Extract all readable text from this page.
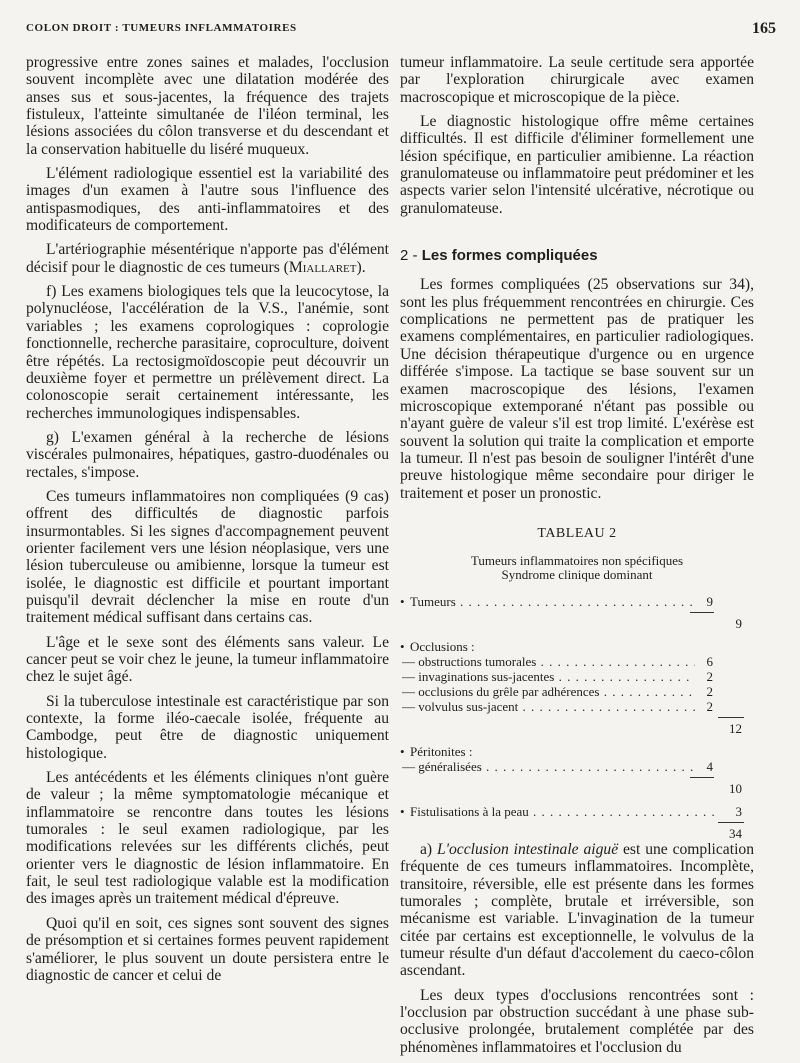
COLON DROIT : TUMEURS INFLAMMATOIRES	165

progressive entre zones saines et malades, l'occlusion souvent incomplète avec une dilatation modérée des anses sus et sous-jacentes, la fréquence des trajets fistuleux, l'atteinte simultanée de l'iléon terminal, les lésions associées du côlon transverse et du descendant et la conservation habituelle du liséré muqueux.

L'élément radiologique essentiel est la variabilité des images d'un examen à l'autre sous l'influence des antispasmodiques, des anti-inflammatoires et des modificateurs de comportement.

L'artériographie mésentérique n'apporte pas d'élément décisif pour le diagnostic de ces tumeurs (Miallaret).

f) Les examens biologiques tels que la leucocytose, la polynucléose, l'accélération de la V.S., l'anémie, sont variables ; les examens coprologiques : coprologie fonctionnelle, recherche parasitaire, coproculture, doivent être répétés. La rectosigmoïdoscopie peut découvrir un deuxième foyer et permettre un prélèvement direct. La colonoscopie serait certainement intéressante, les recherches immunologiques indispensables.

g) L'examen général à la recherche de lésions viscérales pulmonaires, hépatiques, gastro-duodénales ou rectales, s'impose.

Ces tumeurs inflammatoires non compliquées (9 cas) offrent des difficultés de diagnostic parfois insurmontables. Si les signes d'accompagnement peuvent orienter facilement vers une lésion néoplasique, vers une lésion tuberculeuse ou amibienne, lorsque la tumeur est isolée, le diagnostic est difficile et pourtant important puisqu'il devrait déclencher la mise en route d'un traitement médical suffisant dans certains cas.

L'âge et le sexe sont des éléments sans valeur. Le cancer peut se voir chez le jeune, la tumeur inflammatoire chez le sujet âgé.

Si la tuberculose intestinale est caractéristique par son contexte, la forme iléo-caecale isolée, fréquente au Cambodge, peut être de diagnostic uniquement histologique.

Les antécédents et les éléments cliniques n'ont guère de valeur ; la même symptomatologie mécanique et inflammatoire se rencontre dans toutes les lésions tumorales : le seul examen radiologique, par les modifications relevées sur les différents clichés, peut orienter vers le diagnostic de lésion inflammatoire. En fait, le seul test radiologique valable est la modification des images après un traitement médical d'épreuve.

Quoi qu'il en soit, ces signes sont souvent des signes de présomption et si certaines formes peuvent rapidement s'améliorer, le plus souvent un doute persistera entre le diagnostic de cancer et celui de

tumeur inflammatoire. La seule certitude sera apportée par l'exploration chirurgicale avec examen macroscopique et microscopique de la pièce.

Le diagnostic histologique offre même certaines difficultés. Il est difficile d'éliminer formellement une lésion spécifique, en particulier amibienne. La réaction granulomateuse ou inflammatoire peut prédominer et les aspects varier selon l'intensité ulcérative, nécrotique ou granulomateuse.

2 - Les formes compliquées

Les formes compliquées (25 observations sur 34), sont les plus fréquemment rencontrées en chirurgie. Ces complications ne permettent pas de pratiquer les examens complémentaires, en particulier radiologiques. Une décision thérapeutique d'urgence ou en urgence différée s'impose. La tactique se base souvent sur un examen macroscopique des lésions, l'examen microscopique extemporané n'étant pas possible ou n'ayant guère de valeur s'il est trop limité. L'exérèse est souvent la solution qui traite la complication et emporte la tumeur. Il n'est pas besoin de souligner l'intérêt d'une preuve histologique même secondaire pour diriger le traitement et poser un pronostic.

TABLEAU 2
Tumeurs inflammatoires non spécifiques
Syndrome clinique dominant
• Tumeurs . . .	9
9
• Occlusions :
— obstructions tumorales . . .	6
— invaginations sus-jacentes . . .	2
— occlusions du grêle par adhérences . . .	2
— volvulus sus-jacent . . .	2
12
• Péritonites :
— généralisées . . .	4
10
• Fistulisations à la peau . . .	3
34

a) L'occlusion intestinale aiguë est une complication fréquente de ces tumeurs inflammatoires. Incomplète, transitoire, réversible, elle est présente dans les formes tumorales ; complète, brutale et irréversible, son mécanisme est variable. L'invagination de la tumeur citée par certains est exceptionnelle, le volvulus de la tumeur résulte d'un défaut d'accolement du caeco-côlon ascendant.

Les deux types d'occlusions rencontrées sont : l'occlusion par obstruction succédant à une phase sub-occlusive prolongée, brutalement complétée par des phénomènes inflammatoires et l'occlusion du
